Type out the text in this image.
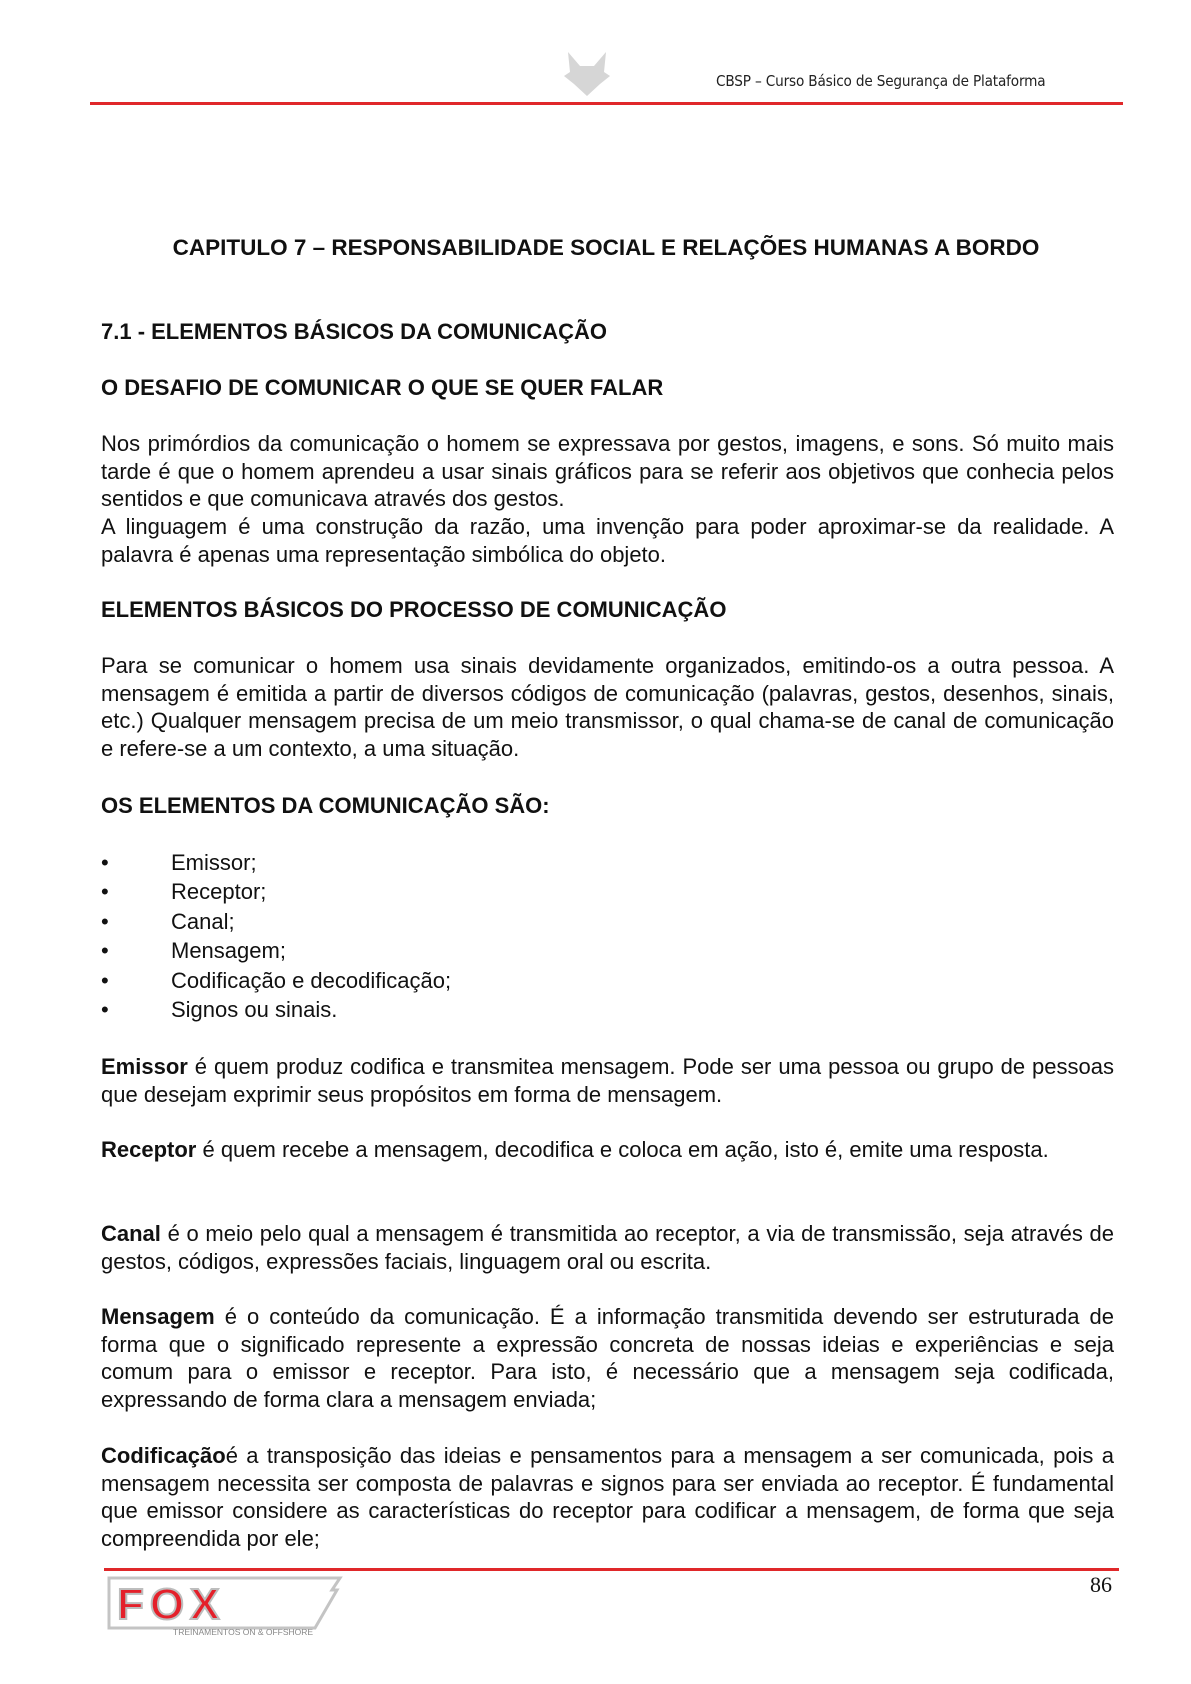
CBSP – Curso Básico de Segurança de Plataforma
CAPITULO 7 – RESPONSABILIDADE SOCIAL E RELAÇÕES HUMANAS A BORDO
7.1 - ELEMENTOS BÁSICOS DA COMUNICAÇÃO
O DESAFIO DE COMUNICAR O QUE SE QUER FALAR
Nos primórdios da comunicação o homem se expressava por gestos, imagens, e sons. Só muito mais tarde é que o homem aprendeu a usar sinais gráficos para se referir aos objetivos que conhecia pelos sentidos e que comunicava através dos gestos.
A linguagem é uma construção da razão, uma invenção para poder aproximar-se da realidade. A palavra é apenas uma representação simbólica do objeto.
ELEMENTOS BÁSICOS DO PROCESSO DE COMUNICAÇÃO
Para se comunicar o homem usa sinais devidamente organizados, emitindo-os a outra pessoa. A mensagem é emitida a partir de diversos códigos de comunicação (palavras, gestos, desenhos, sinais, etc.) Qualquer mensagem precisa de um meio transmissor, o qual chama-se de canal de comunicação e refere-se a um contexto, a uma situação.
OS ELEMENTOS DA COMUNICAÇÃO SÃO:
•	Emissor;
•	Receptor;
•	Canal;
•	Mensagem;
•	Codificação e decodificação;
•	Signos ou sinais.
Emissor é quem produz codifica e transmitea mensagem. Pode ser uma pessoa ou grupo de pessoas que desejam exprimir seus propósitos em forma de mensagem.
Receptor é quem recebe a mensagem, decodifica e coloca em ação, isto é, emite uma resposta.
Canal é o meio pelo qual a mensagem é transmitida ao receptor, a via de transmissão, seja através de gestos, códigos, expressões faciais, linguagem oral ou escrita.
Mensagem é o conteúdo da comunicação. É a informação transmitida devendo ser estruturada de forma que o significado represente a expressão concreta de nossas ideias e experiências e seja comum para o emissor e receptor. Para isto, é necessário que a mensagem seja codificada, expressando de forma clara a mensagem enviada;
Codificaçãoé a transposição das ideias e pensamentos para a mensagem a ser comunicada, pois a mensagem necessita ser composta de palavras e signos para ser enviada ao receptor. É fundamental que emissor considere as características do receptor para codificar a mensagem, de forma que seja compreendida por ele;
FOX
TREINAMENTOS ON & OFFSHORE
86
